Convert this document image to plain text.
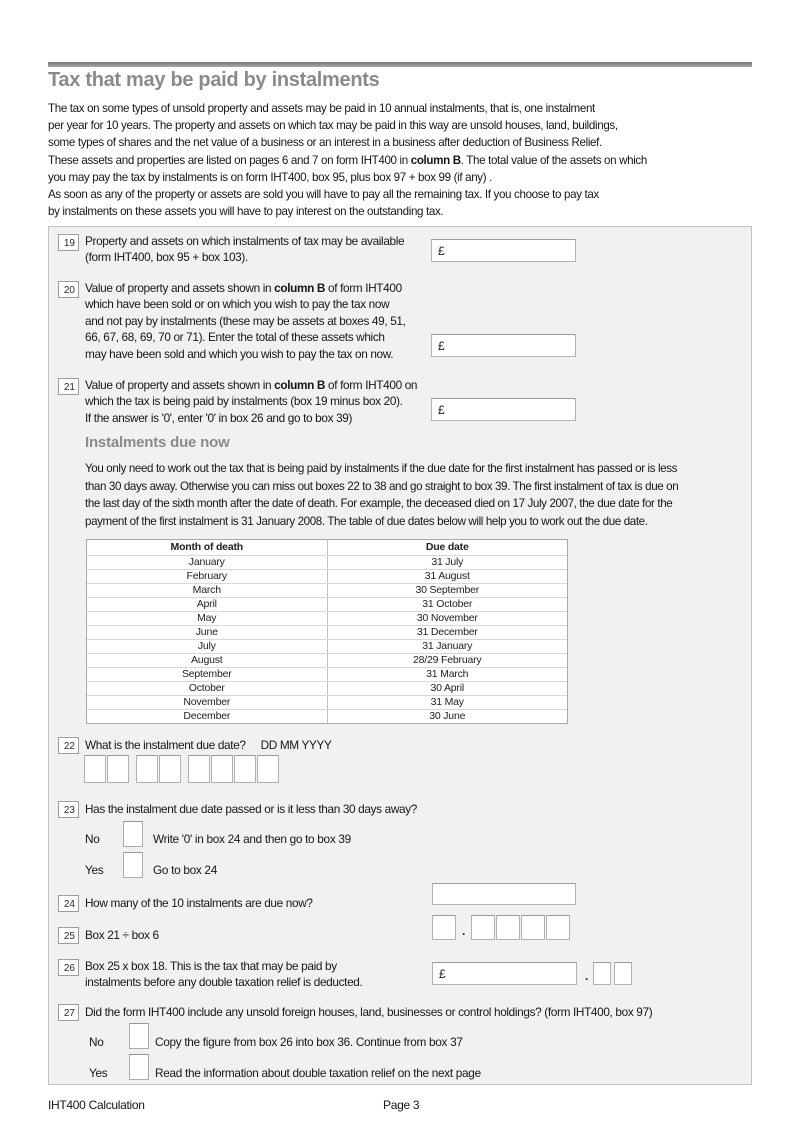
Tax that may be paid by instalments
The tax on some types of unsold property and assets may be paid in 10 annual instalments, that is, one instalment
per year for 10 years. The property and assets on which tax may be paid in this way are unsold houses, land, buildings,
some types of shares and the net value of a business or an interest in a business after deduction of Business Relief.
These assets and properties are listed on pages 6 and 7 on form IHT400 in column B. The total value of the assets on which
you may pay the tax by instalments is on form IHT400, box 95, plus box 97 + box 99 (if any) .
As soon as any of the property or assets are sold you will have to pay all the remaining tax. If you choose to pay tax
by instalments on these assets you will have to pay interest on the outstanding tax.
19 Property and assets on which instalments of tax may be available
(form IHT400, box 95 + box 103).	£
20 Value of property and assets shown in column B of form IHT400
which have been sold or on which you wish to pay the tax now
and not pay by instalments (these may be assets at boxes 49, 51,
66, 67, 68, 69, 70 or 71). Enter the total of these assets which
may have been sold and which you wish to pay the tax on now.
£
21 Value of property and assets shown in column B of form IHT400 on
which the tax is being paid by instalments (box 19 minus box 20).
If the answer is '0', enter '0' in box 26 and go to box 39)
£
Instalments due now
You only need to work out the tax that is being paid by instalments if the due date for the first instalment has passed or is less
than 30 days away. Otherwise you can miss out boxes 22 to 38 and go straight to box 39. The first instalment of tax is due on
the last day of the sixth month after the date of death. For example, the deceased died on 17 July 2007, the due date for the
payment of the first instalment is 31 January 2008. The table of due dates below will help you to work out the due date.
Month of death	Due date
January	31 July
February	31 August
March	30 September
April	31 October
May	30 November
June	31 December
July	31 January
August	28/29 February
September	31 March
October	30 April
November	31 May
December	30 June
22 What is the instalment due date? DD MM YYYY
23 Has the instalment due date passed or is it less than 30 days away?
No	Write '0' in box 24 and then go to box 39
Yes	Go to box 24
24 How many of the 10 instalments are due now?
25 Box 21 ÷ box 6	.
26 Box 25 x box 18. This is the tax that may be paid by
instalments before any double taxation relief is deducted.
£	.
27 Did the form IHT400 include any unsold foreign houses, land, businesses or control holdings? (form IHT400, box 97)
No	Copy the figure from box 26 into box 36. Continue from box 37
Yes	Read the information about double taxation relief on the next page
IHT400 Calculation	Page 3
